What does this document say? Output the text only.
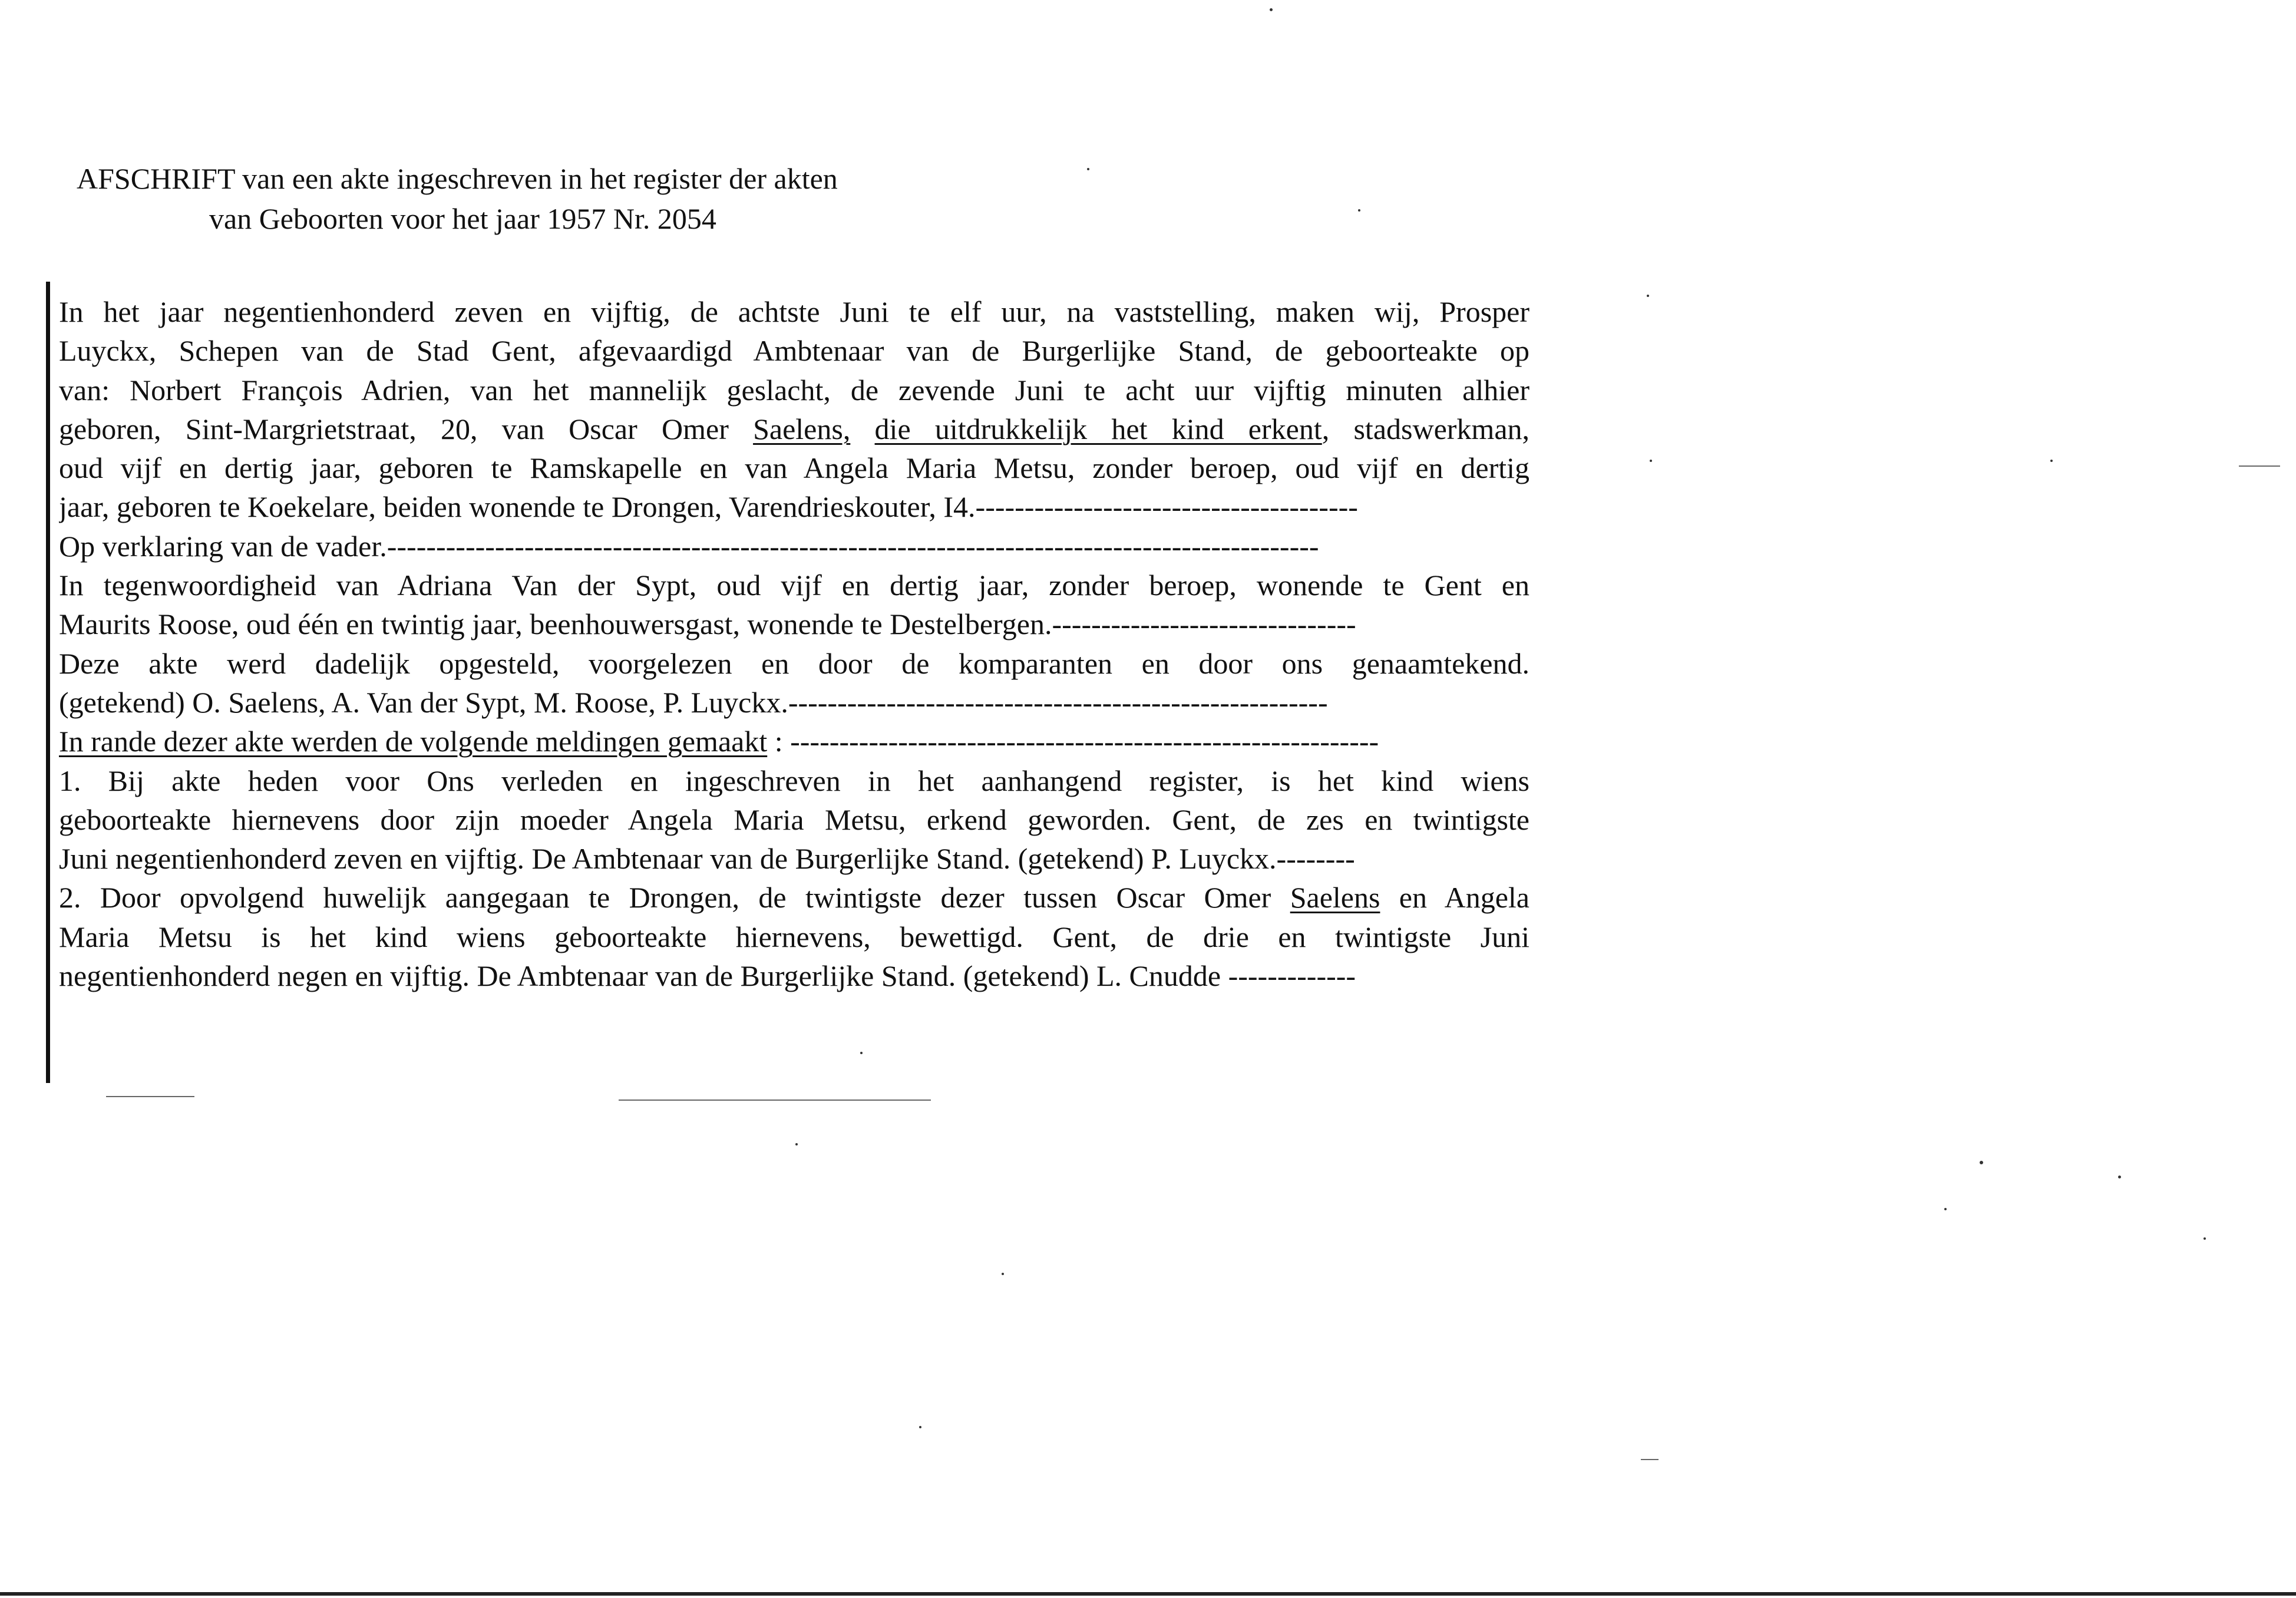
AFSCHRIFT van een akte ingeschreven in het register der akten
van Geboorten voor het jaar 1957 Nr. 2054
In het jaar negentienhonderd zeven en vijftig, de achtste Juni te elf uur, na vaststelling, maken wij, Prosper
Luyckx, Schepen van de Stad Gent, afgevaardigd Ambtenaar van de Burgerlijke Stand, de geboorteakte op
van: Norbert François Adrien, van het mannelijk geslacht, de zevende Juni te acht uur vijftig minuten alhier
geboren, Sint-Margrietstraat, 20, van Oscar Omer Saelens, die uitdrukkelijk het kind erkent, stadswerkman,
oud vijf en dertig jaar, geboren te Ramskapelle en van Angela Maria Metsu, zonder beroep, oud vijf en dertig
jaar, geboren te Koekelare, beiden wonende te Drongen, Varendrieskouter, I4.---------------------------------------
Op verklaring van de vader.-----------------------------------------------------------------------------------------------
In tegenwoordigheid van Adriana Van der Sypt, oud vijf en dertig jaar, zonder beroep, wonende te Gent en
Maurits Roose, oud één en twintig jaar, beenhouwersgast, wonende te Destelbergen.-------------------------------
Deze akte werd dadelijk opgesteld, voorgelezen en door de komparanten en door ons genaamtekend.
(getekend) O. Saelens, A. Van der Sypt, M. Roose, P. Luyckx.-------------------------------------------------------
In rande dezer akte werden de volgende meldingen gemaakt : ------------------------------------------------------------
1. Bij akte heden voor Ons verleden en ingeschreven in het aanhangend register, is het kind wiens
geboorteakte hiernevens door zijn moeder Angela Maria Metsu, erkend geworden. Gent, de zes en twintigste
Juni negentienhonderd zeven en vijftig. De Ambtenaar van de Burgerlijke Stand. (getekend) P. Luyckx.--------
2. Door opvolgend huwelijk aangegaan te Drongen, de twintigste dezer tussen Oscar Omer Saelens en Angela
Maria Metsu is het kind wiens geboorteakte hiernevens, bewettigd. Gent, de drie en twintigste Juni
negentienhonderd negen en vijftig. De Ambtenaar van de Burgerlijke Stand. (getekend) L. Cnudde -------------
